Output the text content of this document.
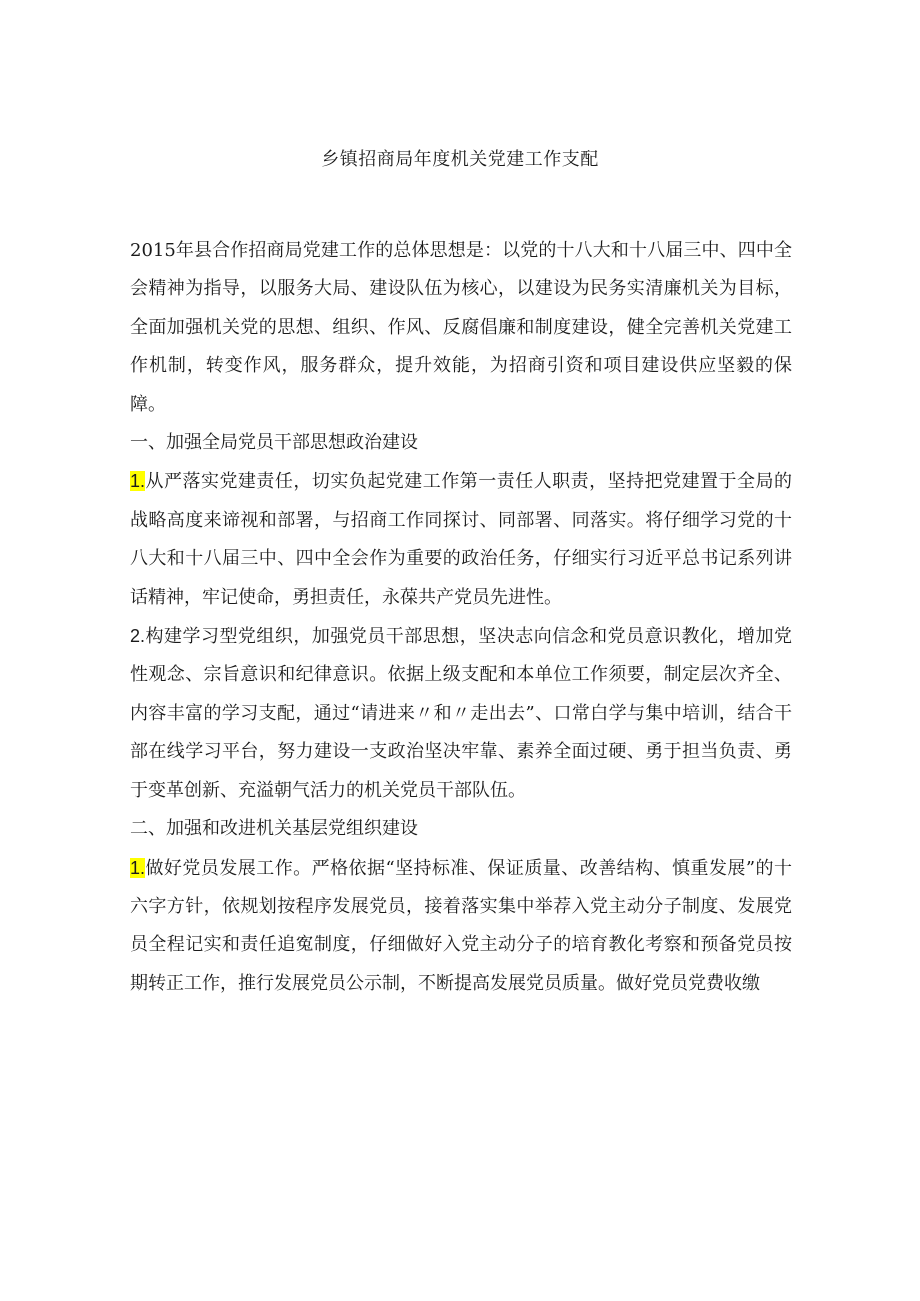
乡镇招商局年度机关党建工作支配

2015年县合作招商局党建工作的总体思想是：以党的十八大和十八届三中、四中全会精神为指导，以服务大局、建设队伍为核心，以建设为民务实清廉机关为目标，全面加强机关党的思想、组织、作风、反腐倡廉和制度建设，健全完善机关党建工作机制，转变作风，服务群众，提升效能，为招商引资和项目建设供应坚毅的保障。

一、加强全局党员干部思想政治建设

1.从严落实党建责任，切实负起党建工作第一责任人职责，坚持把党建置于全局的战略高度来谛视和部署，与招商工作同探讨、同部署、同落实。将仔细学习党的十八大和十八届三中、四中全会作为重要的政治任务，仔细实行习近平总书记系列讲话精神，牢记使命，勇担责任，永葆共产党员先进性。

2.构建学习型党组织，加强党员干部思想，坚决志向信念和党员意识教化，增加党性观念、宗旨意识和纪律意识。依据上级支配和本单位工作须要，制定层次齐全、内容丰富的学习支配，通过“请进来〃和〃走出去”、口常白学与集中培训，结合干部在线学习平台，努力建设一支政治坚决牢靠、素养全面过硬、勇于担当负责、勇于变革创新、充溢朝气活力的机关党员干部队伍。

二、加强和改进机关基层党组织建设

1.做好党员发展工作。严格依据“坚持标准、保证质量、改善结构、慎重发展”的十六字方针，依规划按程序发展党员，接着落实集中举荐入党主动分子制度、发展党员全程记实和责任追寃制度，仔细做好入党主动分子的培育教化考察和预备党员按期转正工作，推行发展党员公示制，不断提高发展党员质量。做好党员党费收缴
